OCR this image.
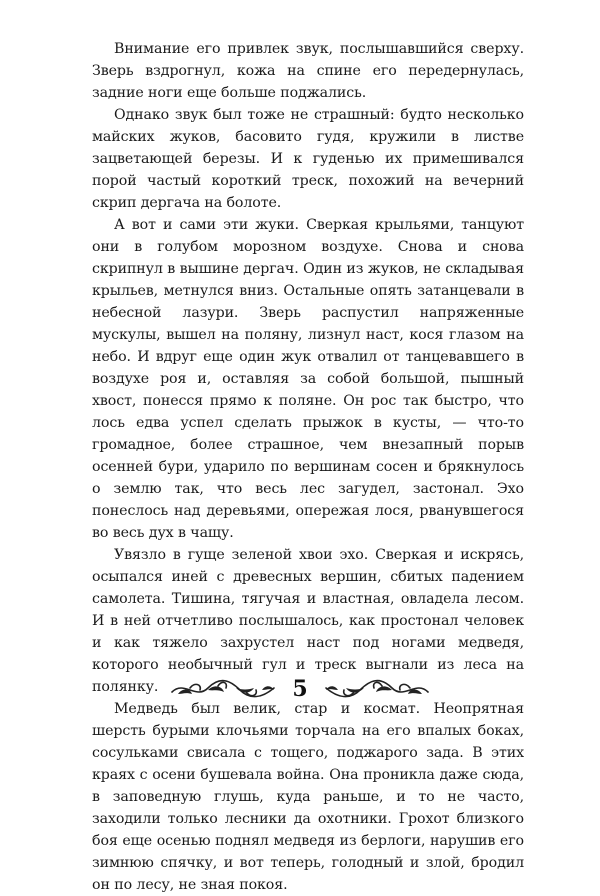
Внимание его привлек звук, послышавшийся сверху. Зверь вздрогнул, кожа на спине его передернулась, задние ноги еще больше поджались.

Однако звук был тоже не страшный: будто несколько майских жуков, басовито гудя, кружили в листве зацветающей березы. И к гуденью их примешивался порой частый короткий треск, похожий на вечерний скрип дергача на болоте.

А вот и сами эти жуки. Сверкая крыльями, танцуют они в голубом морозном воздухе. Снова и снова скрипнул в вышине дергач. Один из жуков, не складывая крыльев, метнулся вниз. Остальные опять затанцевали в небесной лазури. Зверь распустил напряженные мускулы, вышел на поляну, лизнул наст, кося глазом на небо. И вдруг еще один жук отвалил от танцевавшего в воздухе роя и, оставляя за собой большой, пышный хвост, понесся прямо к поляне. Он рос так быстро, что лось едва успел сделать прыжок в кусты, — что-то громадное, более страшное, чем внезапный порыв осенней бури, ударило по вершинам сосен и брякнулось о землю так, что весь лес загудел, застонал. Эхо понеслось над деревьями, опережая лося, рванувшегося во весь дух в чащу.

Увязло в гуще зеленой хвои эхо. Сверкая и искрясь, осыпался иней с древесных вершин, сбитых падением самолета. Тишина, тягучая и властная, овладела лесом. И в ней отчетливо послышалось, как простонал человек и как тяжело захрустел наст под ногами медведя, которого необычный гул и треск выгнали из леса на полянку.

Медведь был велик, стар и космат. Неопрятная шерсть бурыми клочьями торчала на его впалых боках, сосульками свисала с тощего, поджарого зада. В этих краях с осени бушевала война. Она проникла даже сюда, в заповедную глушь, куда раньше, и то не часто, заходили только лесники да охотники. Грохот близкого боя еще осенью поднял медведя из берлоги, нарушив его зимнюю спячку, и вот теперь, голодный и злой, бродил он по лесу, не зная покоя.

5
